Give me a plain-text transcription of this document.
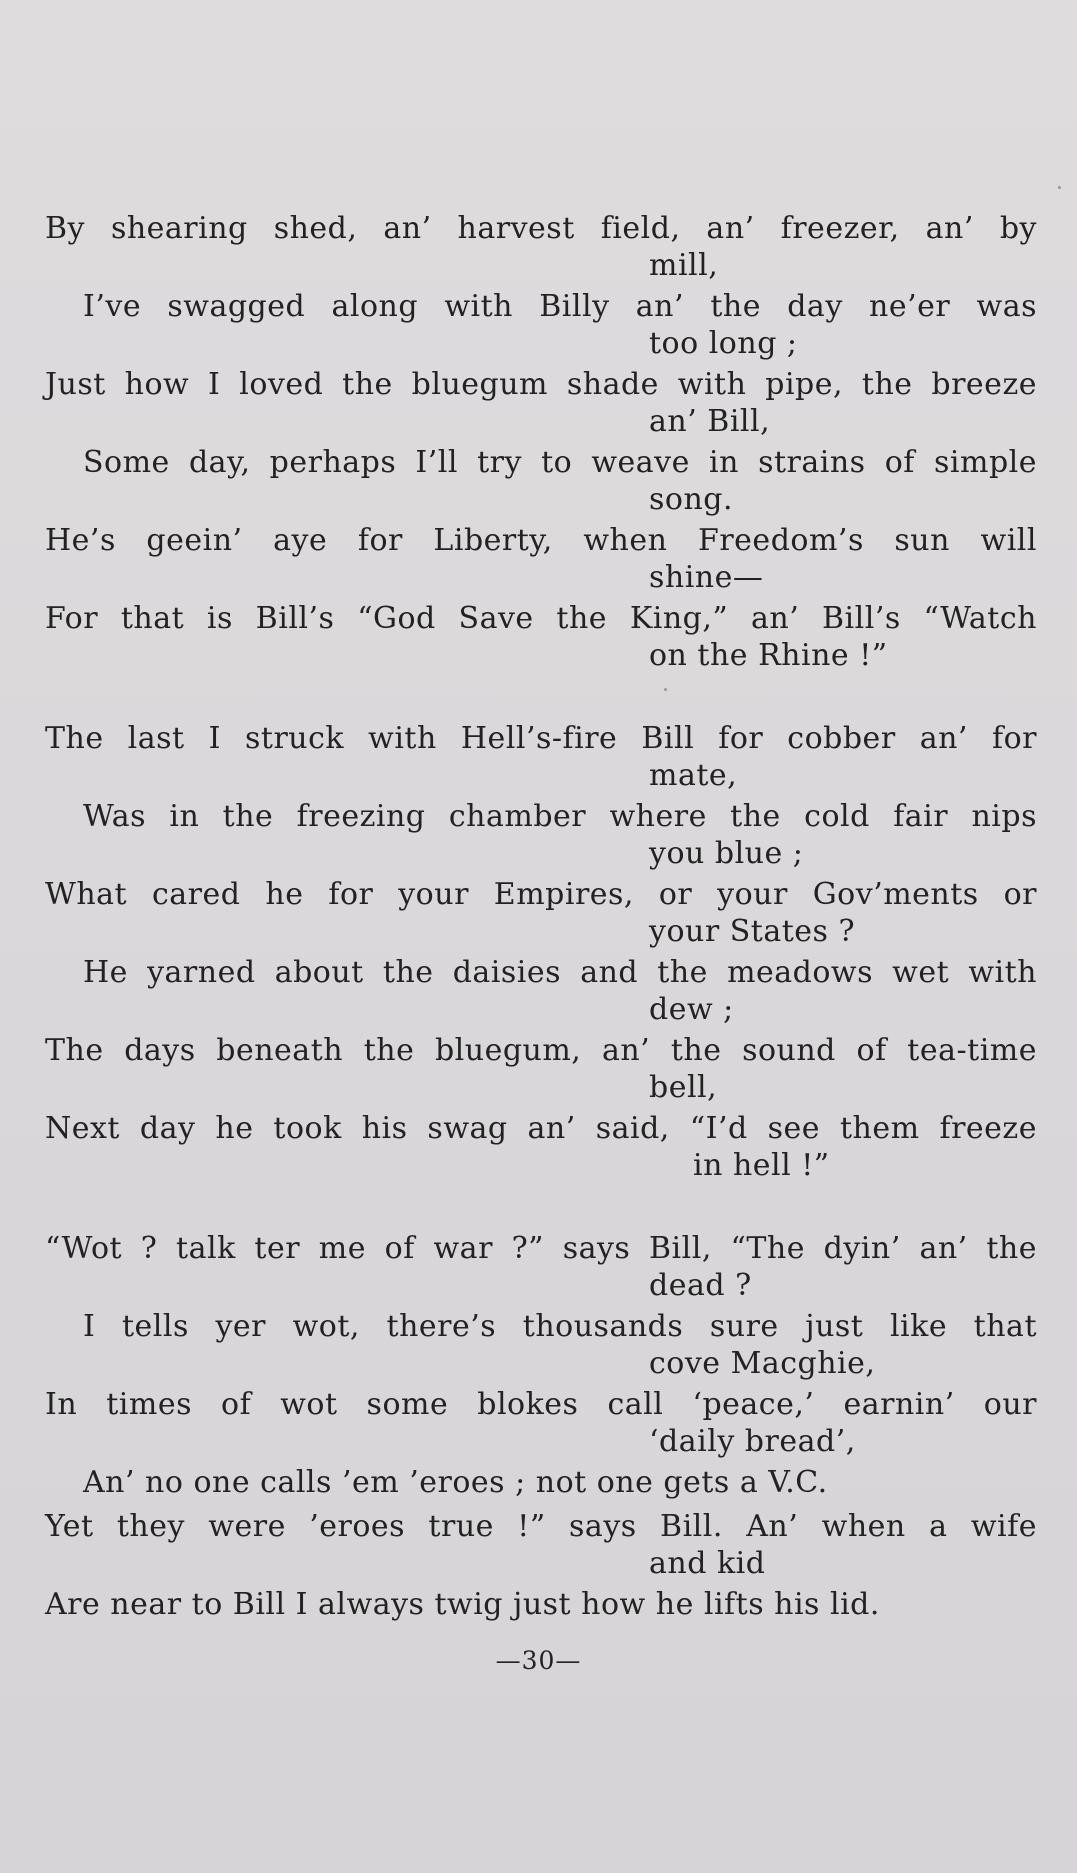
By shearing shed, an’ harvest field, an’ freezer, an’ by
mill,
I’ve swagged along with Billy an’ the day ne’er was
too long ;
Just how I loved the bluegum shade with pipe, the breeze
an’ Bill,
Some day, perhaps I’ll try to weave in strains of simple
song.
He’s geein’ aye for Liberty, when Freedom’s sun will
shine—
For that is Bill’s “God Save the King,” an’ Bill’s “Watch
on the Rhine !”
The last I struck with Hell’s-fire Bill for cobber an’ for
mate,
Was in the freezing chamber where the cold fair nips
you blue ;
What cared he for your Empires, or your Gov’ments or
your States ?
He yarned about the daisies and the meadows wet with
dew ;
The days beneath the bluegum, an’ the sound of tea-time
bell,
Next day he took his swag an’ said, “I’d see them freeze
in hell !”
“Wot ? talk ter me of war ?” says Bill, “The dyin’ an’ the
dead ?
I tells yer wot, there’s thousands sure just like that
cove Macghie,
In times of wot some blokes call ‘peace,’ earnin’ our
‘daily bread’,
An’ no one calls ’em ’eroes ; not one gets a V.C.
Yet they were ’eroes true !” says Bill. An’ when a wife
and kid
Are near to Bill I always twig just how he lifts his lid.
—30—
